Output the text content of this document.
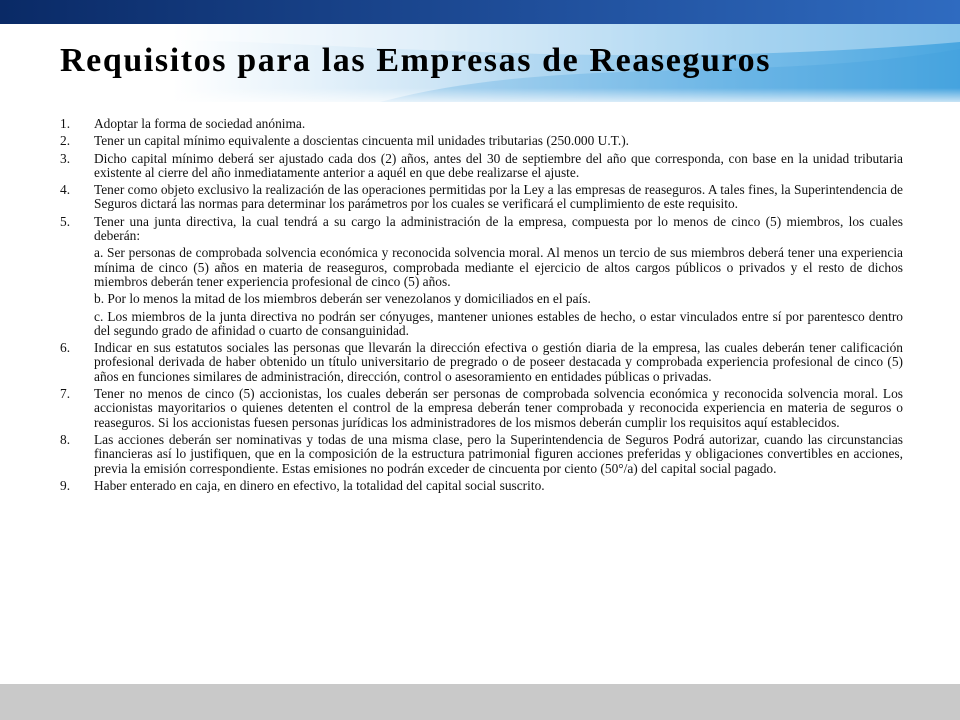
Requisitos para las Empresas de Reaseguros
1.	Adoptar la forma de sociedad anónima.

2.	Tener un capital mínimo equivalente a doscientas cincuenta mil unidades tributarias (250.000 U.T.).

3.	Dicho capital mínimo deberá ser ajustado cada dos (2) años, antes del 30 de septiembre del año que corresponda, con base en la unidad tributaria existente al cierre del año inmediatamente anterior a aquél en que debe realizarse el ajuste.

4.	Tener como objeto exclusivo la realización de las operaciones permitidas por la Ley a las empresas de reaseguros. A tales fines, la Superintendencia de Seguros dictará las normas para determinar los parámetros por los cuales se verificará el cumplimiento de este requisito.

5.	Tener una junta directiva, la cual tendrá a su cargo la administración de la empresa, compuesta por lo menos de cinco (5) miembros, los cuales deberán:

a. Ser personas de comprobada solvencia económica y reconocida solvencia moral. Al menos un tercio de sus miembros deberá tener una experiencia mínima de cinco (5) años en materia de reaseguros, comprobada mediante el ejercicio de altos cargos públicos o privados y el resto de dichos miembros deberán tener experiencia profesional de cinco (5) años.

b. Por lo menos la mitad de los miembros deberán ser venezolanos y domiciliados en el país.

c. Los miembros de la junta directiva no podrán ser cónyuges, mantener uniones estables de hecho, o estar vinculados entre sí por parentesco dentro del segundo grado de afinidad o cuarto de consanguinidad.

6.	Indicar en sus estatutos sociales las personas que llevarán la dirección efectiva o gestión diaria de la empresa, las cuales deberán tener calificación profesional derivada de haber obtenido un título universitario de pregrado o de poseer destacada y comprobada experiencia profesional de cinco (5) años en funciones similares de administración, dirección, control o asesoramiento en entidades públicas o privadas.

7.	Tener no menos de cinco (5) accionistas, los cuales deberán ser personas de comprobada solvencia económica y reconocida solvencia moral. Los accionistas mayoritarios o quienes detenten el control de la empresa deberán tener comprobada y reconocida experiencia en materia de seguros o reaseguros. Si los accionistas fuesen personas jurídicas los administradores de los mismos deberán cumplir los requisitos aquí establecidos.

8.	Las acciones deberán ser nominativas y todas de una misma clase, pero la Superintendencia de Seguros Podrá autorizar, cuando las circunstancias financieras así lo justifiquen, que en la composición de la estructura patrimonial figuren acciones preferidas y obligaciones convertibles en acciones, previa la emisión correspondiente. Estas emisiones no podrán exceder de cincuenta por ciento (50°/a) del capital social pagado.

9.	Haber enterado en caja, en dinero en efectivo, la totalidad del capital social suscrito.
